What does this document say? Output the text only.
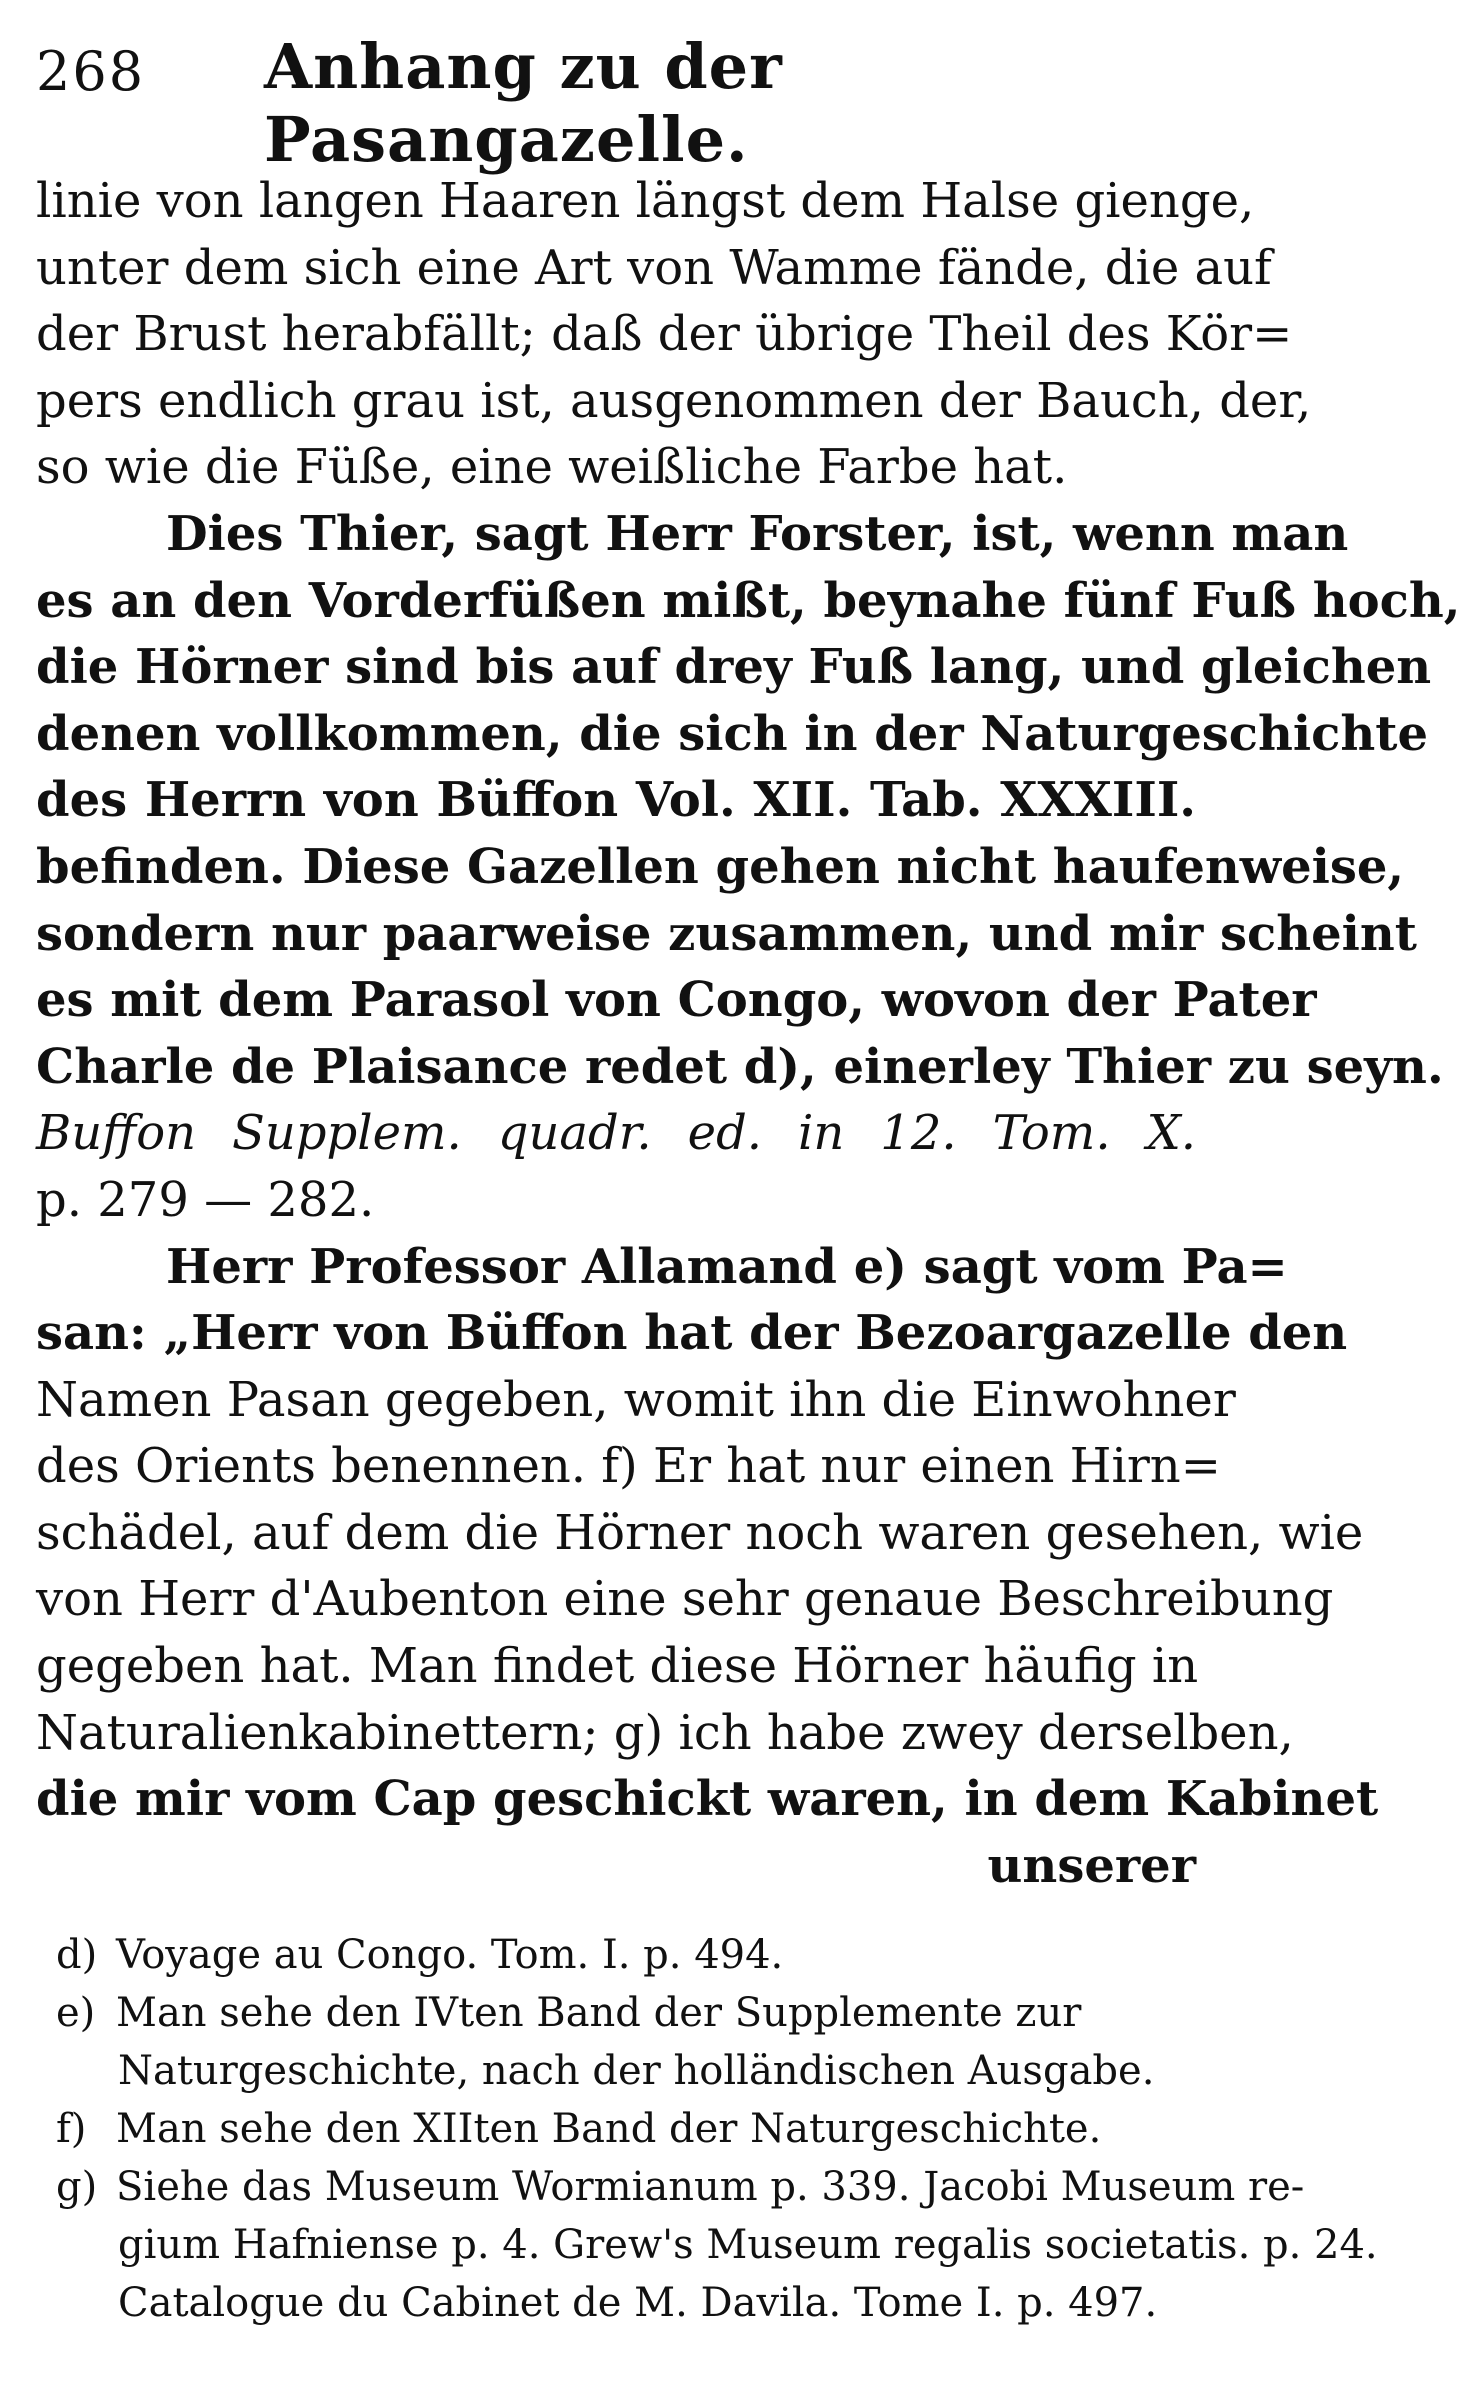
268 Anhang zu der Pasangazelle.
linie von langen Haaren längst dem Halse gienge,
unter dem sich eine Art von Wamme fände, die auf
der Brust herabfällt; daß der übrige Theil des Kör=
pers endlich grau ist, ausgenommen der Bauch, der,
so wie die Füße, eine weißliche Farbe hat.
Dies Thier, sagt Herr Forster, ist, wenn man
es an den Vorderfüßen mißt, beynahe fünf Fuß hoch,
die Hörner sind bis auf drey Fuß lang, und gleichen
denen vollkommen, die sich in der Naturgeschichte
des Herrn von Büffon Vol. XII. Tab. XXXIII.
befinden. Diese Gazellen gehen nicht haufenweise,
sondern nur paarweise zusammen, und mir scheint
es mit dem Parasol von Congo, wovon der Pater
Charle de Plaisance redet d), einerley Thier zu seyn.
Buffon Supplem. quadr. ed. in 12. Tom. X.
p. 279 — 282.
Herr Professor Allamand e) sagt vom Pa=
san: „Herr von Büffon hat der Bezoargazelle den
Namen Pasan gegeben, womit ihn die Einwohner
des Orients benennen. f) Er hat nur einen Hirn=
schädel, auf dem die Hörner noch waren gesehen, wie
von Herr d'Aubenton eine sehr genaue Beschreibung
gegeben hat. Man findet diese Hörner häufig in
Naturalienkabinettern; g) ich habe zwey derselben,
die mir vom Cap geschickt waren, in dem Kabinet
unserer
d) Voyage au Congo. Tom. I. p. 494.
e) Man sehe den IVten Band der Supplemente zur
Naturgeschichte, nach der holländischen Ausgabe.
f) Man sehe den XIIten Band der Naturgeschichte.
g) Siehe das Museum Wormianum p. 339. Jacobi Museum re-
gium Hafniense p. 4. Grew's Museum regalis societatis. p. 24.
Catalogue du Cabinet de M. Davila. Tome I. p. 497.
